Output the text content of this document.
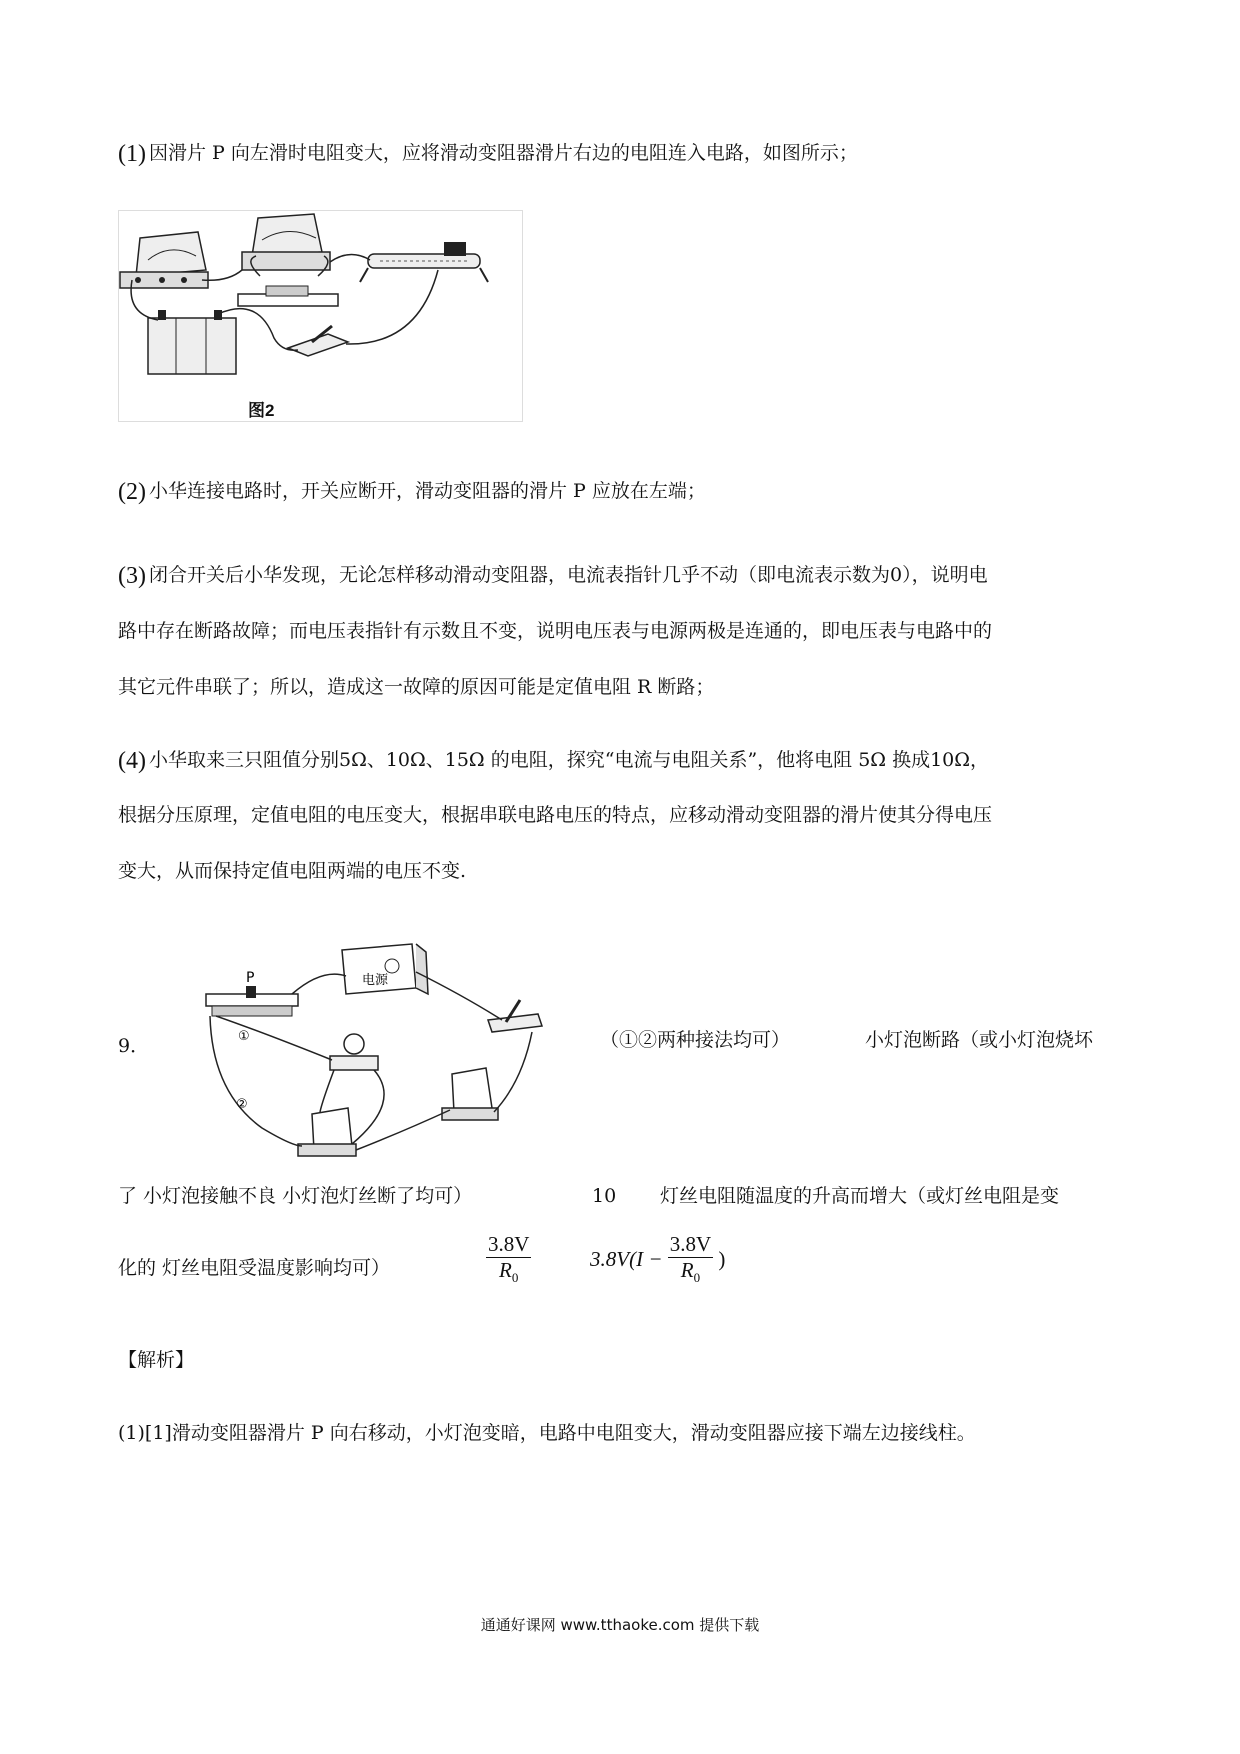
(1) 因滑片 P 向左滑时电阻变大，应将滑动变阻器滑片右边的电阻连入电路，如图所示；
图2
(2) 小华连接电路时，开关应断开，滑动变阻器的滑片 P 应放在左端；
(3) 闭合开关后小华发现，无论怎样移动滑动变阻器，电流表指针几乎不动（即电流表示数为0），说明电
路中存在断路故障；而电压表指针有示数且不变，说明电压表与电源两极是连通的，即电压表与电路中的
其它元件串联了；所以，造成这一故障的原因可能是定值电阻 R 断路；
(4) 小华取来三只阻值分别5Ω、10Ω、15Ω 的电阻，探究“电流与电阻关系”，他将电阻 5Ω 换成10Ω，
根据分压原理，定值电阻的电压变大，根据串联电路电压的特点，应移动滑动变阻器的滑片使其分得电压
变大，从而保持定值电阻两端的电压不变.
9．
电源
P
①
②
（①②两种接法均可）	小灯泡断路（或小灯泡烧坏
了 小灯泡接触不良 小灯泡灯丝断了均可）	10 灯丝电阻随温度的升高而增大（或灯丝电阻是变
化的 灯丝电阻受温度影响均可）
3.8V
$R_0$
$3.8V(I - \frac{3.8V}{R_0}$ )
【解析】
(1)[1]滑动变阻器滑片 P 向右移动，小灯泡变暗，电路中电阻变大，滑动变阻器应接下端左边接线柱。
通通好课网 www.tthaoke.com 提供下载
